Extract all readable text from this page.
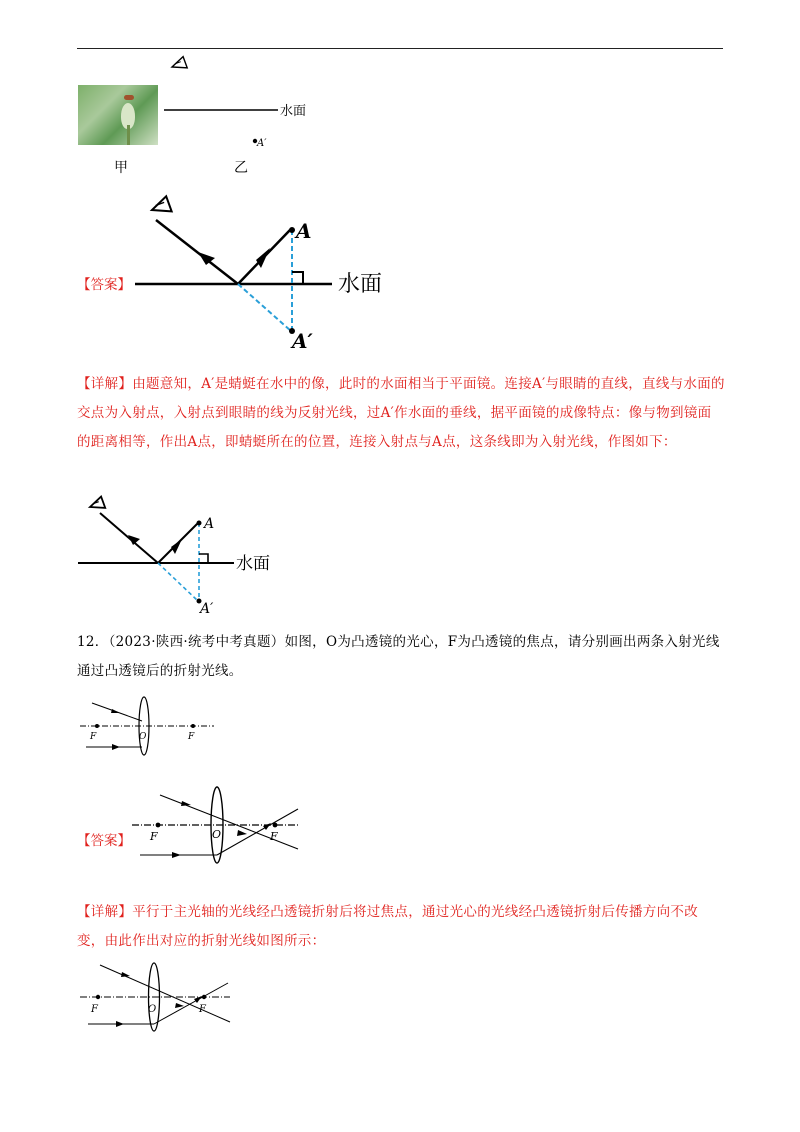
甲	乙
水面
A′
【答案】
A
A′
水面
【详解】由题意知，A′是蜻蜓在水中的像，此时的水面相当于平面镜。连接A′与眼睛的直线，直线与水面的交点为入射点，入射点到眼睛的线为反射光线，过A′作水面的垂线，据平面镜的成像特点：像与物到镜面的距离相等，作出A点，即蜻蜓所在的位置，连接入射点与A点，这条线即为入射光线，作图如下：
A
A′
水面
12．（2023·陕西·统考中考真题）如图，O为凸透镜的光心，F为凸透镜的焦点，请分别画出两条入射光线通过凸透镜后的折射光线。
F	O	F
【答案】 F	O	F
【详解】平行于主光轴的光线经凸透镜折射后将过焦点，通过光心的光线经凸透镜折射后传播方向不改变，由此作出对应的折射光线如图所示：
F	O	F
